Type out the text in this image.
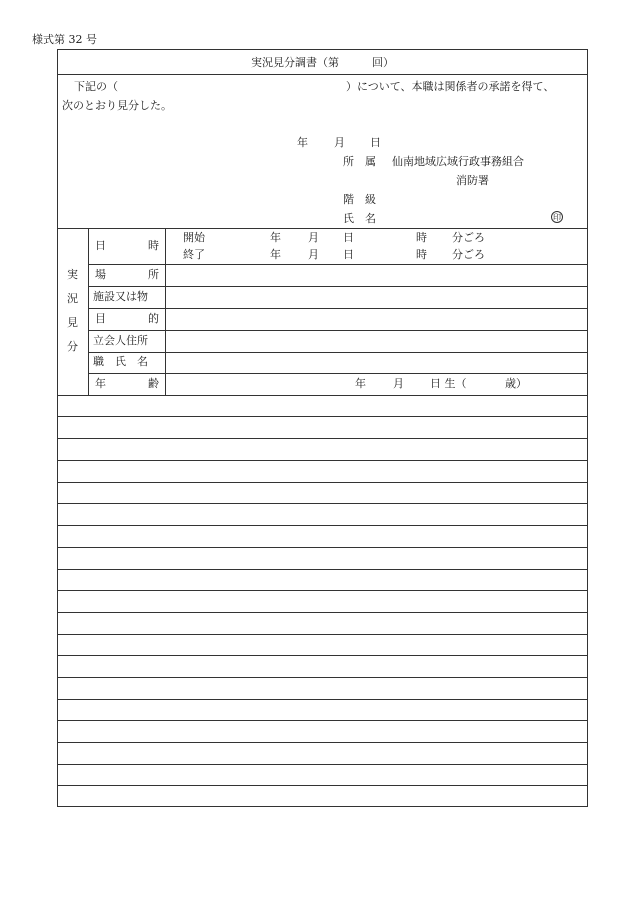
様式第 32 号
実況見分調書（第　　　回）
下記の（	）について、本職は関係者の承諾を得て、
次のとおり見分した。
年 月 日
所　属 仙南地域広域行政事務組合
消防署
階　級
氏　名	印
実
況
見
分
日	時
開始	年 月 日	時 分ごろ
終了	年 月 日	時 分ごろ
場	所
施設又は物
目	的
立会人住所
職　氏　名
年	齢	年 月 日 生（	歳）
